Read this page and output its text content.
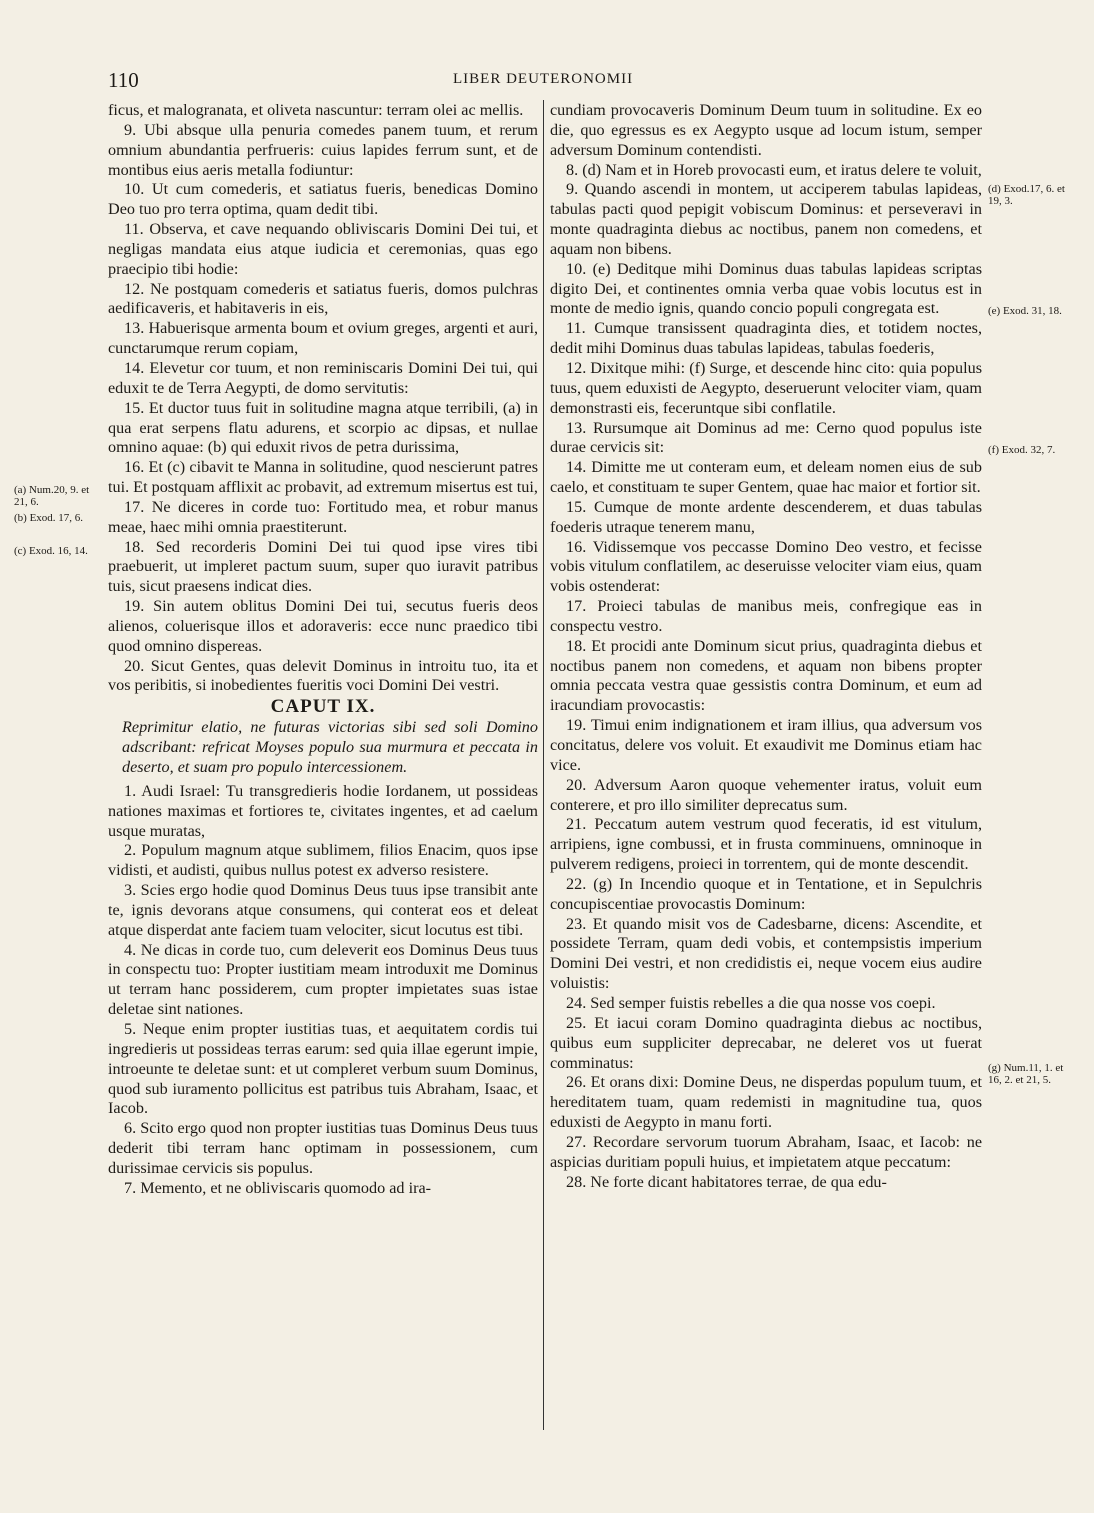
110	LIBER DEUTERONOMII

ficus, et malogranata, et oliveta nascuntur: terram olei ac mellis.

9. Ubi absque ulla penuria comedes panem tuum, et rerum omnium abundantia perfrueris: cuius lapides ferrum sunt, et de montibus eius aeris metalla fodiuntur:

10. Ut cum comederis, et satiatus fueris, benedicas Domino Deo tuo pro terra optima, quam dedit tibi.

11. Observa, et cave nequando obliviscaris Domini Dei tui, et negligas mandata eius atque iudicia et ceremonias, quas ego praecipio tibi hodie:

12. Ne postquam comederis et satiatus fueris, domos pulchras aedificaveris, et habitaveris in eis,

13. Habuerisque armenta boum et ovium greges, argenti et auri, cunctarumque rerum copiam,

14. Elevetur cor tuum, et non reminiscaris Domini Dei tui, qui eduxit te de Terra Aegypti, de domo servitutis:

15. Et ductor tuus fuit in solitudine magna atque terribili, (a) in qua erat serpens flatu adurens, et scorpio ac dipsas, et nullae omnino aquae: (b) qui eduxit rivos de petra durissima,

16. Et (c) cibavit te Manna in solitudine, quod nescierunt patres tui. Et postquam afflixit ac probavit, ad extremum misertus est tui,

17. Ne diceres in corde tuo: Fortitudo mea, et robur manus meae, haec mihi omnia praestiterunt.

18. Sed recorderis Domini Dei tui quod ipse vires tibi praebuerit, ut impleret pactum suum, super quo iuravit patribus tuis, sicut praesens indicat dies.

19. Sin autem oblitus Domini Dei tui, secutus fueris deos alienos, coluerisque illos et adoraveris: ecce nunc praedico tibi quod omnino dispereas.

20. Sicut Gentes, quas delevit Dominus in introitu tuo, ita et vos peribitis, si inobedientes fueritis voci Domini Dei vestri.

CAPUT IX.

Reprimitur elatio, ne futuras victorias sibi sed soli Domino adscribant: refricat Moyses populo sua murmura et peccata in deserto, et suam pro populo intercessionem.

1. Audi Israel: Tu transgredieris hodie Iordanem, ut possideas nationes maximas et fortiores te, civitates ingentes, et ad caelum usque muratas,

2. Populum magnum atque sublimem, filios Enacim, quos ipse vidisti, et audisti, quibus nullus potest ex adverso resistere.

3. Scies ergo hodie quod Dominus Deus tuus ipse transibit ante te, ignis devorans atque consumens, qui conterat eos et deleat atque disperdat ante faciem tuam velociter, sicut locutus est tibi.

4. Ne dicas in corde tuo, cum deleverit eos Dominus Deus tuus in conspectu tuo: Propter iustitiam meam introduxit me Dominus ut terram hanc possiderem, cum propter impietates suas istae deletae sint nationes.

5. Neque enim propter iustitias tuas, et aequitatem cordis tui ingredieris ut possideas terras earum: sed quia illae egerunt impie, introeunte te deletae sunt: et ut compleret verbum suum Dominus, quod sub iuramento pollicitus est patribus tuis Abraham, Isaac, et Iacob.

6. Scito ergo quod non propter iustitias tuas Dominus Deus tuus dederit tibi terram hanc optimam in possessionem, cum durissimae cervicis sis populus.

7. Memento, et ne obliviscaris quomodo ad ira-

cundiam provocaveris Dominum Deum tuum in solitudine. Ex eo die, quo egressus es ex Aegypto usque ad locum istum, semper adversum Dominum contendisti.

8. (d) Nam et in Horeb provocasti eum, et iratus delere te voluit,

9. Quando ascendi in montem, ut acciperem tabulas lapideas, tabulas pacti quod pepigit vobiscum Dominus: et perseveravi in monte quadraginta diebus ac noctibus, panem non comedens, et aquam non bibens.

10. (e) Deditque mihi Dominus duas tabulas lapideas scriptas digito Dei, et continentes omnia verba quae vobis locutus est in monte de medio ignis, quando concio populi congregata est.

11. Cumque transissent quadraginta dies, et totidem noctes, dedit mihi Dominus duas tabulas lapideas, tabulas foederis,

12. Dixitque mihi: (f) Surge, et descende hinc cito: quia populus tuus, quem eduxisti de Aegypto, deseruerunt velociter viam, quam demonstrasti eis, feceruntque sibi conflatile.

13. Rursumque ait Dominus ad me: Cerno quod populus iste durae cervicis sit:

14. Dimitte me ut conteram eum, et deleam nomen eius de sub caelo, et constituam te super Gentem, quae hac maior et fortior sit.

15. Cumque de monte ardente descenderem, et duas tabulas foederis utraque tenerem manu,

16. Vidissemque vos peccasse Domino Deo vestro, et fecisse vobis vitulum conflatilem, ac deseruisse velociter viam eius, quam vobis ostenderat:

17. Proieci tabulas de manibus meis, confregique eas in conspectu vestro.

18. Et procidi ante Dominum sicut prius, quadraginta diebus et noctibus panem non comedens, et aquam non bibens propter omnia peccata vestra quae gessistis contra Dominum, et eum ad iracundiam provocastis:

19. Timui enim indignationem et iram illius, qua adversum vos concitatus, delere vos voluit. Et exaudivit me Dominus etiam hac vice.

20. Adversum Aaron quoque vehementer iratus, voluit eum conterere, et pro illo similiter deprecatus sum.

21. Peccatum autem vestrum quod feceratis, id est vitulum, arripiens, igne combussi, et in frusta comminuens, omninoque in pulverem redigens, proieci in torrentem, qui de monte descendit.

22. (g) In Incendio quoque et in Tentatione, et in Sepulchris concupiscentiae provocastis Dominum:

23. Et quando misit vos de Cadesbarne, dicens: Ascendite, et possidete Terram, quam dedi vobis, et contempsistis imperium Domini Dei vestri, et non credidistis ei, neque vocem eius audire voluistis:

24. Sed semper fuistis rebelles a die qua nosse vos coepi.

25. Et iacui coram Domino quadraginta diebus ac noctibus, quibus eum suppliciter deprecabar, ne deleret vos ut fuerat comminatus:

26. Et orans dixi: Domine Deus, ne disperdas populum tuum, et hereditatem tuam, quam redemisti in magnitudine tua, quos eduxisti de Aegypto in manu forti.

27. Recordare servorum tuorum Abraham, Isaac, et Iacob: ne aspicias duritiam populi huius, et impietatem atque peccatum:

28. Ne forte dicant habitatores terrae, de qua edu-

(a) Num.20, 9. et 21, 6.
(b) Exod. 17, 6.
(c) Exod. 16, 14.
(d) Exod.17, 6. et 19, 3.
(e) Exod. 31, 18.
(f) Exod. 32, 7.
(g) Num.11, 1. et 16, 2. et 21, 5.
